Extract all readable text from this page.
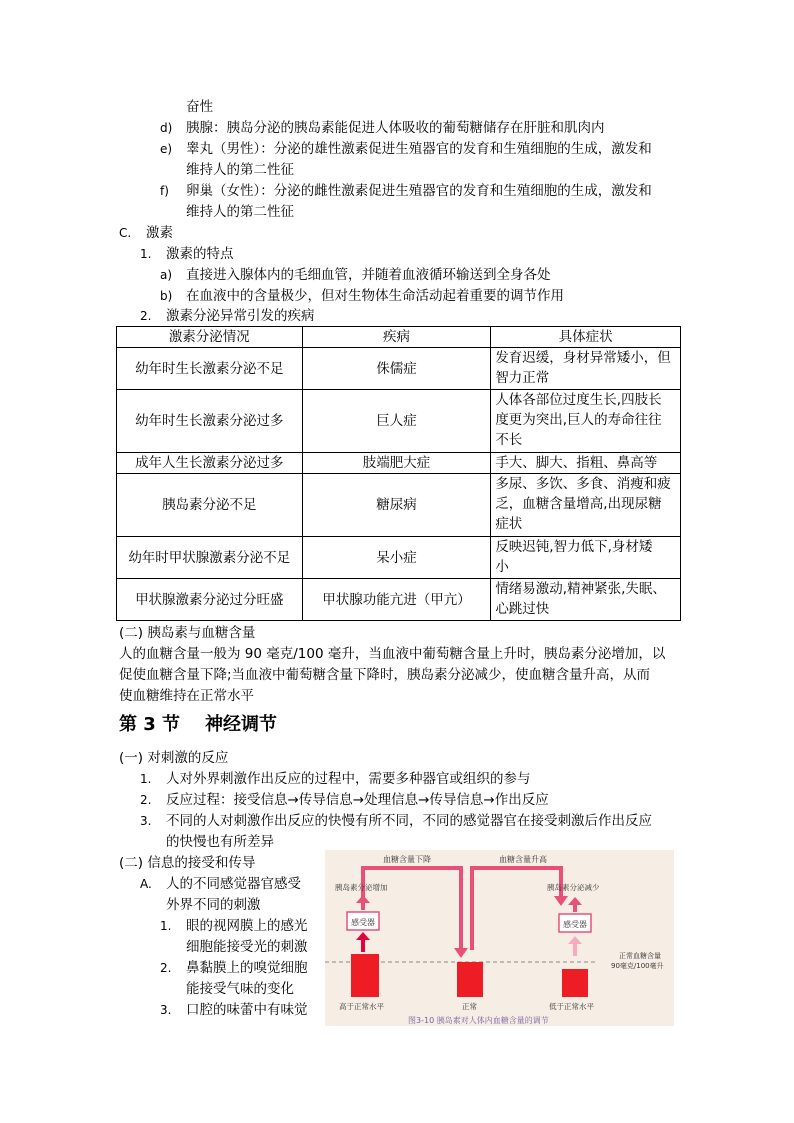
奋性
d) 胰腺：胰岛分泌的胰岛素能促进人体吸收的葡萄糖储存在肝脏和肌肉内
e) 睾丸（男性）：分泌的雄性激素促进生殖器官的发育和生殖细胞的生成，激发和
维持人的第二性征
f) 卵巢（女性）：分泌的雌性激素促进生殖器官的发育和生殖细胞的生成，激发和
维持人的第二性征
C. 激素
1. 激素的特点
a) 直接进入腺体内的毛细血管，并随着血液循环输送到全身各处
b) 在血液中的含量极少，但对生物体生命活动起着重要的调节作用
2. 激素分泌异常引发的疾病
激素分泌情况	疾病	具体症状
幼年时生长激素分泌不足	侏儒症	发育迟缓，身材异常矮小，但
智力正常

幼年时生长激素分泌过多	巨人症	人体各部位过度生长,四肢长
度更为突出,巨人的寿命往往
不长

成年人生长激素分泌过多	肢端肥大症	手大、脚大、指粗、鼻高等

胰岛素分泌不足	糖尿病	多尿、多饮、多食、消瘦和疲
乏，血糖含量增高,出现尿糖
症状

幼年时甲状腺激素分泌不足	呆小症	反映迟钝,智力低下,身材矮
小

甲状腺激素分泌过分旺盛	甲状腺功能亢进（甲亢）	情绪易激动,精神紧张,失眠、
心跳过快
(二) 胰岛素与血糖含量
人的血糖含量一般为 90 毫克/100 毫升，当血液中葡萄糖含量上升时，胰岛素分泌增加，以
促使血糖含量下降;当血液中葡萄糖含量下降时，胰岛素分泌减少，使血糖含量升高，从而
使血糖维持在正常水平
第 3 节 神经调节
(一) 对刺激的反应
1. 人对外界刺激作出反应的过程中，需要多种器官或组织的参与
2. 反应过程：接受信息→传导信息→处理信息→传导信息→作出反应
3. 不同的人对刺激作出反应的快慢有所不同，不同的感觉器官在接受刺激后作出反应
的快慢也有所差异
(二) 信息的接受和传导
A. 人的不同感觉器官感受
外界不同的刺激
1. 眼的视网膜上的感光
细胞能接受光的刺激
2. 鼻黏膜上的嗅觉细胞
能接受气味的变化
3. 口腔的味蕾中有味觉
血糖含量下降	血糖含量升高
胰岛素分泌增加	胰岛素分泌减少
感受器	感受器
正常血糖含量
90毫克/100毫升
高于正常水平	正常	低于正常水平
图3-10 胰岛素对人体内血糖含量的调节
